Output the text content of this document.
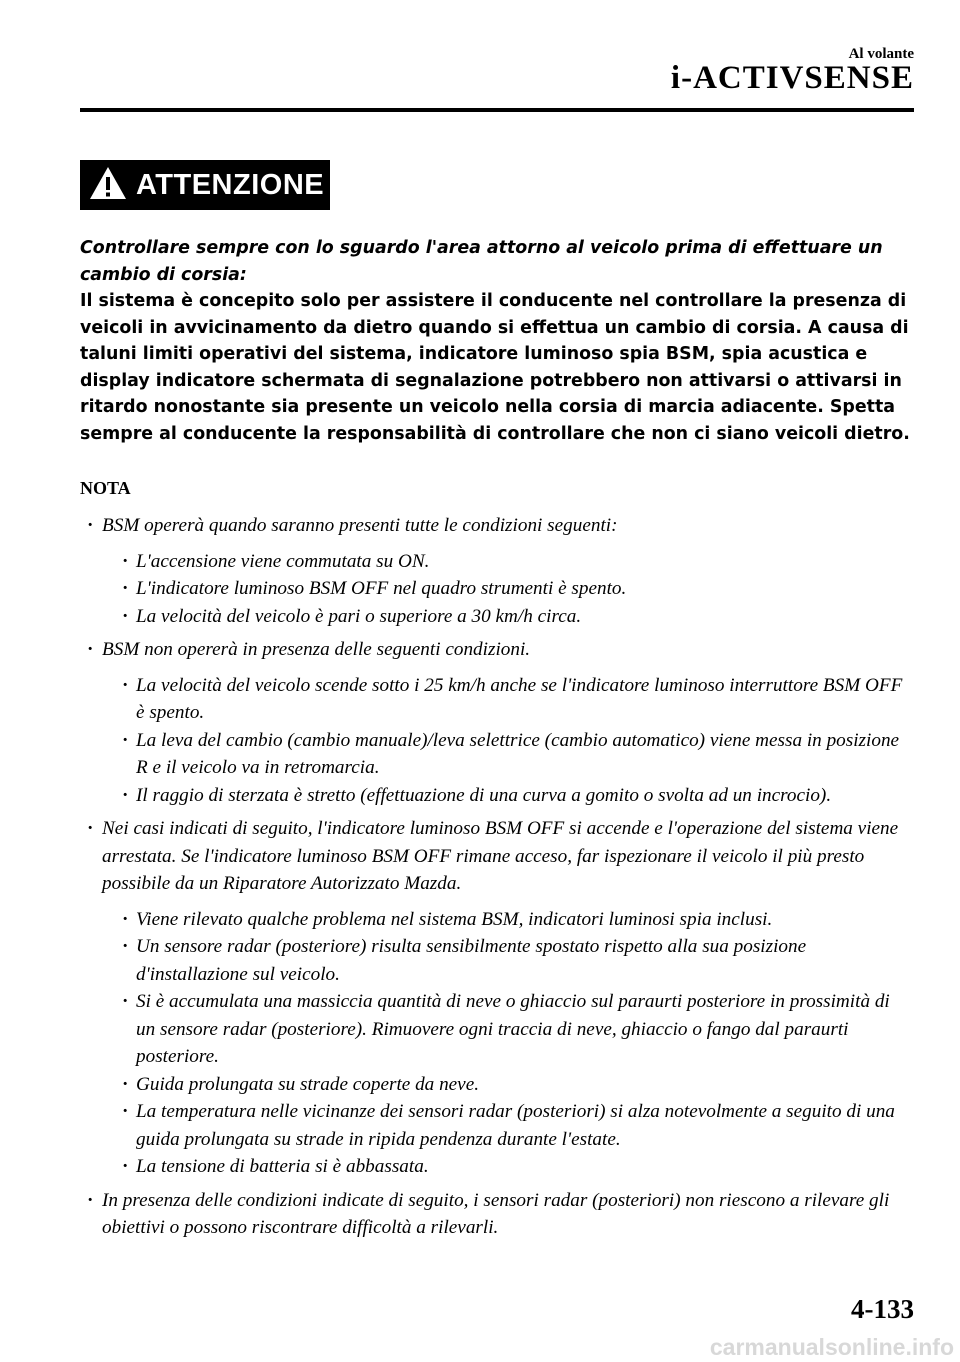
Al volante
i-ACTIVSENSE
ATTENZIONE
Controllare sempre con lo sguardo l'area attorno al veicolo prima di effettuare un cambio di corsia:
Il sistema è concepito solo per assistere il conducente nel controllare la presenza di veicoli in avvicinamento da dietro quando si effettua un cambio di corsia. A causa di taluni limiti operativi del sistema, indicatore luminoso spia BSM, spia acustica e display indicatore schermata di segnalazione potrebbero non attivarsi o attivarsi in ritardo nonostante sia presente un veicolo nella corsia di marcia adiacente. Spetta sempre al conducente la responsabilità di controllare che non ci siano veicoli dietro.
NOTA
· BSM opererà quando saranno presenti tutte le condizioni seguenti:
· L'accensione viene commutata su ON.
· L'indicatore luminoso BSM OFF nel quadro strumenti è spento.
· La velocità del veicolo è pari o superiore a 30 km/h circa.
· BSM non opererà in presenza delle seguenti condizioni.
· La velocità del veicolo scende sotto i 25 km/h anche se l'indicatore luminoso interruttore BSM OFF è spento.
· La leva del cambio (cambio manuale)/leva selettrice (cambio automatico) viene messa in posizione R e il veicolo va in retromarcia.
· Il raggio di sterzata è stretto (effettuazione di una curva a gomito o svolta ad un incrocio).
· Nei casi indicati di seguito, l'indicatore luminoso BSM OFF si accende e l'operazione del sistema viene arrestata. Se l'indicatore luminoso BSM OFF rimane acceso, far ispezionare il veicolo il più presto possibile da un Riparatore Autorizzato Mazda.
· Viene rilevato qualche problema nel sistema BSM, indicatori luminosi spia inclusi.
· Un sensore radar (posteriore) risulta sensibilmente spostato rispetto alla sua posizione d'installazione sul veicolo.
· Si è accumulata una massiccia quantità di neve o ghiaccio sul paraurti posteriore in prossimità di un sensore radar (posteriore). Rimuovere ogni traccia di neve, ghiaccio o fango dal paraurti posteriore.
· Guida prolungata su strade coperte da neve.
· La temperatura nelle vicinanze dei sensori radar (posteriori) si alza notevolmente a seguito di una guida prolungata su strade in ripida pendenza durante l'estate.
· La tensione di batteria si è abbassata.
· In presenza delle condizioni indicate di seguito, i sensori radar (posteriori) non riescono a rilevare gli obiettivi o possono riscontrare difficoltà a rilevarli.
4-133
carmanualsonline.info
